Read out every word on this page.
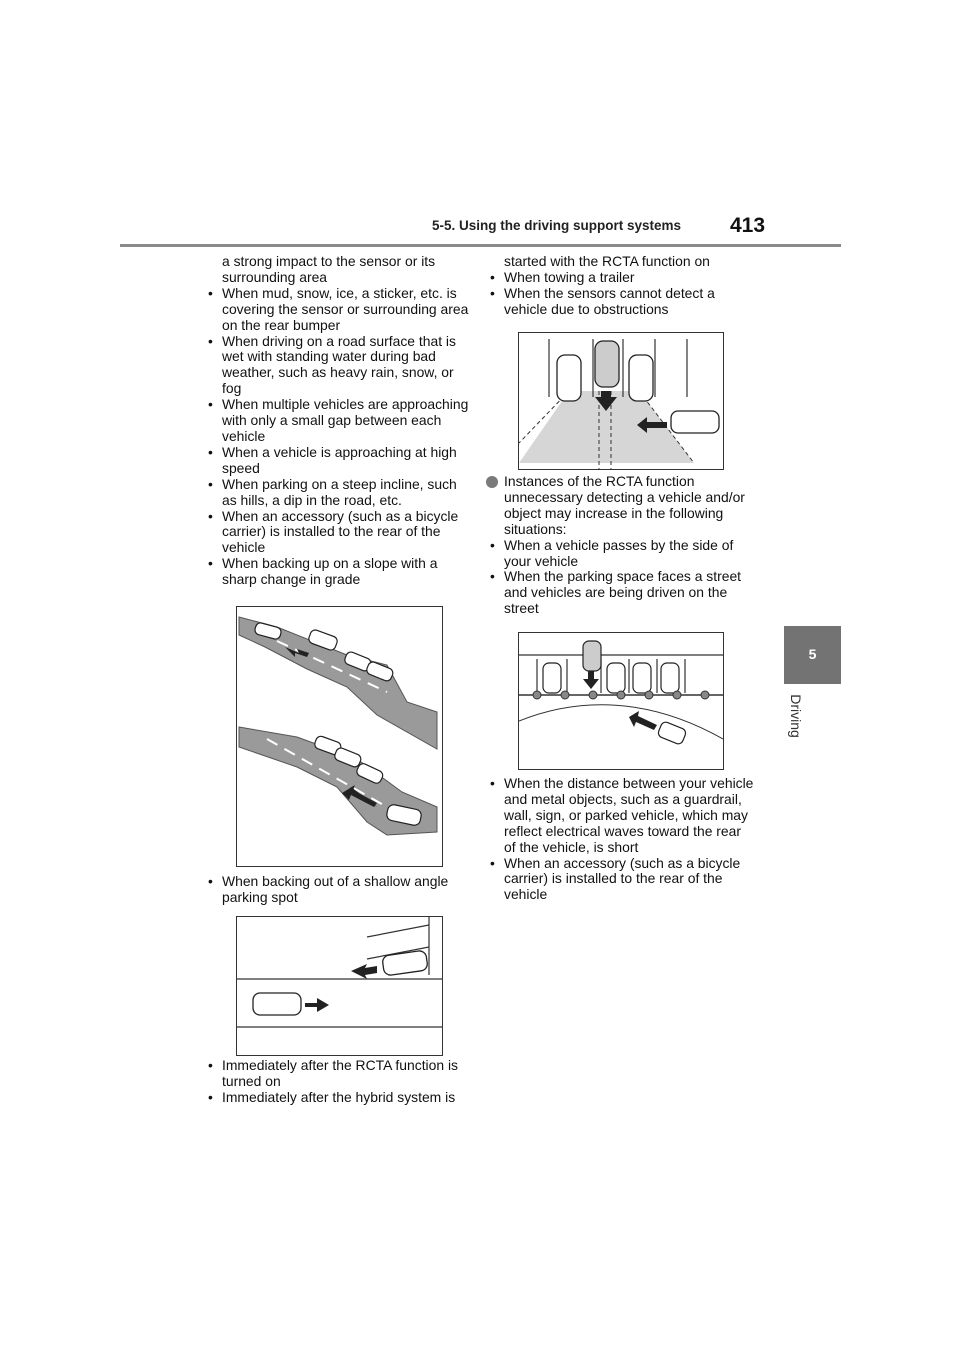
5-5. Using the driving support systems 413
5
Driving

a strong impact to the sensor or its surrounding area

• When mud, snow, ice, a sticker, etc. is covering the sensor or surrounding area on the rear bumper

• When driving on a road surface that is wet with standing water during bad weather, such as heavy rain, snow, or fog

• When multiple vehicles are approaching with only a small gap between each vehicle

• When a vehicle is approaching at high speed

• When parking on a steep incline, such as hills, a dip in the road, etc.

• When an accessory (such as a bicycle carrier) is installed to the rear of the vehicle

• When backing up on a slope with a sharp change in grade

• When backing out of a shallow angle parking spot

• Immediately after the RCTA function is turned on

• Immediately after the hybrid system is

started with the RCTA function on

• When towing a trailer

• When the sensors cannot detect a vehicle due to obstructions

Instances of the RCTA function unnecessary detecting a vehicle and/or object may increase in the following situations:

• When a vehicle passes by the side of your vehicle

• When the parking space faces a street and vehicles are being driven on the street

• When the distance between your vehicle and metal objects, such as a guardrail, wall, sign, or parked vehicle, which may reflect electrical waves toward the rear of the vehicle, is short

• When an accessory (such as a bicycle carrier) is installed to the rear of the vehicle
